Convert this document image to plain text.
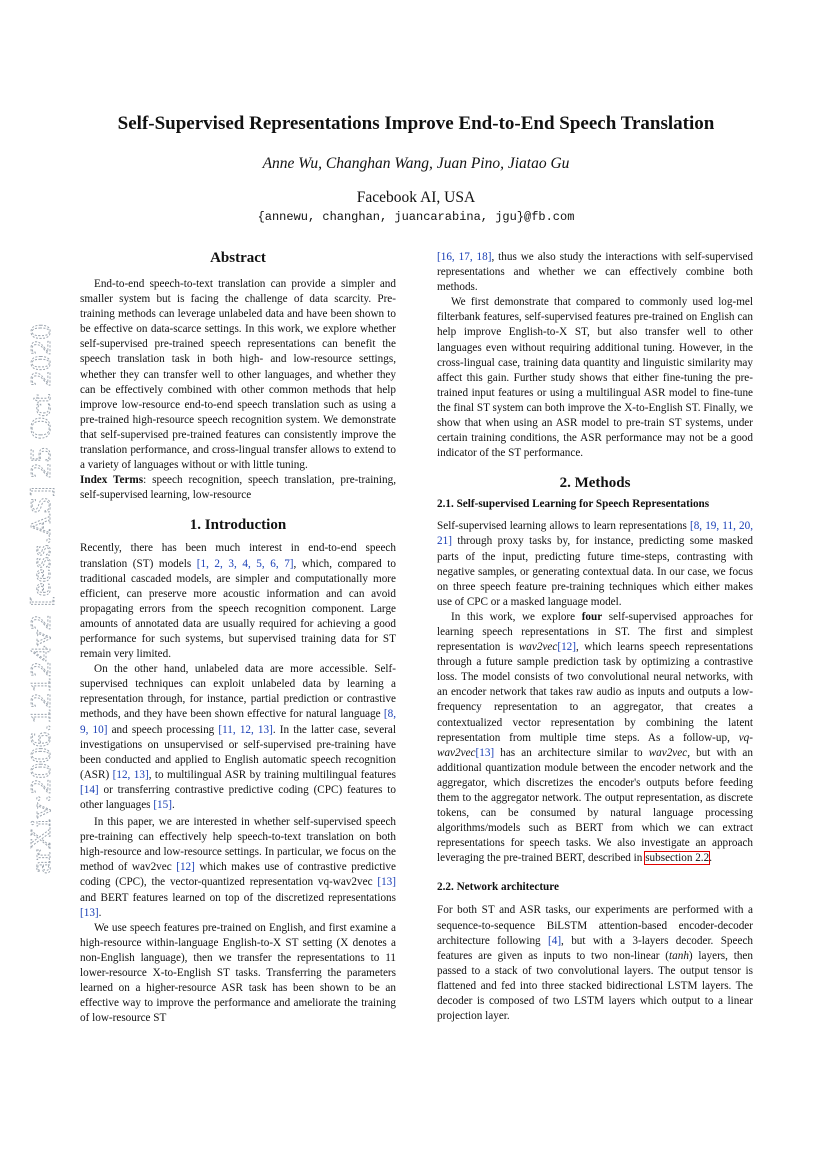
arXiv:2006.12124v2 [eess.AS] 25 Oct 2020
Self-Supervised Representations Improve End-to-End Speech Translation
Anne Wu, Changhan Wang, Juan Pino, Jiatao Gu
Facebook AI, USA
{annewu, changhan, juancarabina, jgu}@fb.com
Abstract

End-to-end speech-to-text translation can provide a simpler and smaller system but is facing the challenge of data scarcity. Pre-training methods can leverage unlabeled data and have been shown to be effective on data-scarce settings. In this work, we explore whether self-supervised pre-trained speech representations can benefit the speech translation task in both high- and low-resource settings, whether they can transfer well to other languages, and whether they can be effectively combined with other common methods that help improve low-resource end-to-end speech translation such as using a pre-trained high-resource speech recognition system. We demonstrate that self-supervised pre-trained features can consistently improve the translation performance, and cross-lingual transfer allows to extend to a variety of languages without or with little tuning.

Index Terms: speech recognition, speech translation, pre-training, self-supervised learning, low-resource

1. Introduction

Recently, there has been much interest in end-to-end speech translation (ST) models [1, 2, 3, 4, 5, 6, 7], which, compared to traditional cascaded models, are simpler and computationally more efficient, can preserve more acoustic information and can avoid propagating errors from the speech recognition component. Large amounts of annotated data are usually required for achieving a good performance for such systems, but supervised training data for ST remain very limited.

On the other hand, unlabeled data are more accessible. Self-supervised techniques can exploit unlabeled data by learning a representation through, for instance, partial prediction or contrastive methods, and they have been shown effective for natural language [8, 9, 10] and speech processing [11, 12, 13]. In the latter case, several investigations on unsupervised or self-supervised pre-training have been conducted and applied to English automatic speech recognition (ASR) [12, 13], to multilingual ASR by training multilingual features [14] or transferring contrastive predictive coding (CPC) features to other languages [15].

In this paper, we are interested in whether self-supervised speech pre-training can effectively help speech-to-text translation on both high-resource and low-resource settings. In particular, we focus on the method of wav2vec [12] which makes use of contrastive predictive coding (CPC), the vector-quantized representation vq-wav2vec [13] and BERT features learned on top of the discretized representations [13].

We use speech features pre-trained on English, and first examine a high-resource within-language English-to-X ST setting (X denotes a non-English language), then we transfer the representations to 11 lower-resource X-to-English ST tasks. Transferring the parameters learned on a higher-resource ASR task has been shown to be an effective way to improve the performance and ameliorate the training of low-resource ST

[16, 17, 18], thus we also study the interactions with self-supervised representations and whether we can effectively combine both methods.

We first demonstrate that compared to commonly used log-mel filterbank features, self-supervised features pre-trained on English can help improve English-to-X ST, but also transfer well to other languages even without requiring additional tuning. However, in the cross-lingual case, training data quantity and linguistic similarity may affect this gain. Further study shows that either fine-tuning the pre-trained input features or using a multilingual ASR model to fine-tune the final ST system can both improve the X-to-English ST. Finally, we show that when using an ASR model to pre-train ST systems, under certain training conditions, the ASR performance may not be a good indicator of the ST performance.

2. Methods
2.1. Self-supervised Learning for Speech Representations

Self-supervised learning allows to learn representations [8, 19, 11, 20, 21] through proxy tasks by, for instance, predicting some masked parts of the input, predicting future time-steps, contrasting with negative samples, or generating contextual data. In our case, we focus on three speech feature pre-training techniques which either makes use of CPC or a masked language model.

In this work, we explore four self-supervised approaches for learning speech representations in ST. The first and simplest representation is wav2vec[12], which learns speech representations through a future sample prediction task by optimizing a contrastive loss. The model consists of two convolutional neural networks, with an encoder network that takes raw audio as inputs and outputs a low-frequency representation to an aggregator, that creates a contextualized vector representation by combining the latent representation from multiple time steps. As a follow-up, vq-wav2vec[13] has an architecture similar to wav2vec, but with an additional quantization module between the encoder network and the aggregator, which discretizes the encoder's outputs before feeding them to the aggregator network. The output representation, as discrete tokens, can be consumed by natural language processing algorithms/models such as BERT from which we can extract representations for speech tasks. We also investigate an approach leveraging the pre-trained BERT, described in subsection 2.2.

2.2. Network architecture

For both ST and ASR tasks, our experiments are performed with a sequence-to-sequence BiLSTM attention-based encoder-decoder architecture following [4], but with a 3-layers decoder. Speech features are given as inputs to two non-linear (tanh) layers, then passed to a stack of two convolutional layers. The output tensor is flattened and fed into three stacked bidirectional LSTM layers. The decoder is composed of two LSTM layers which output to a linear projection layer.
